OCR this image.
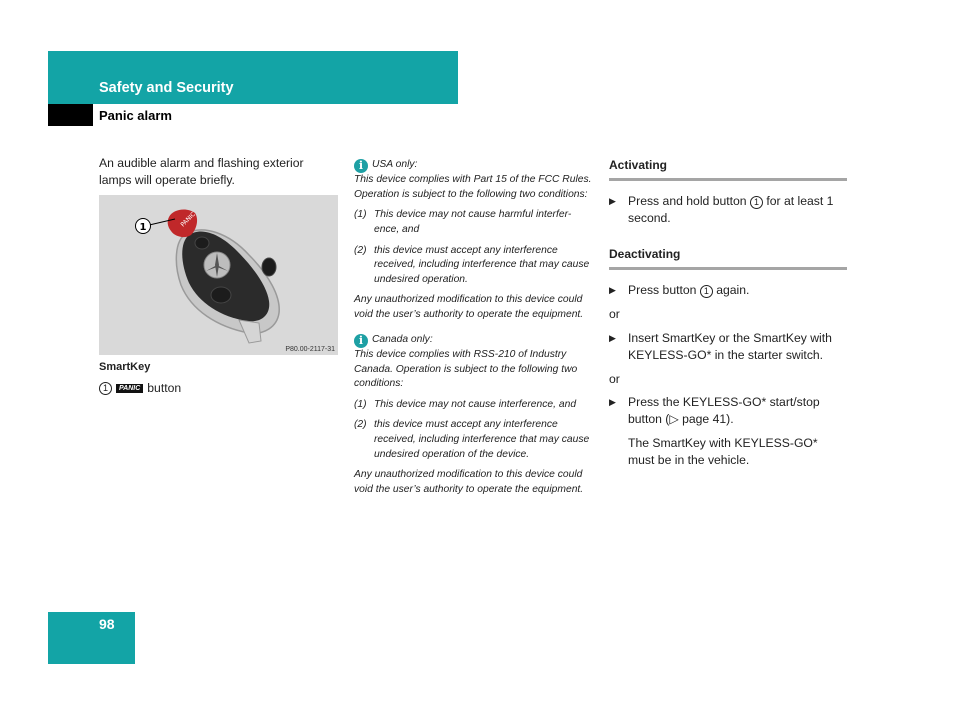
Safety and Security
Panic alarm
An audible alarm and flashing exterior lamps will operate briefly.
PANIC
1
P80.00-2117-31
SmartKey
1	PANIC button

i USA only:

This device complies with Part 15 of the FCC Rules. Operation is subject to the following two conditions:

(1) This device may not cause harmful interfer-ence, and
(2) this device must accept any interference received, including interference that may cause undesired operation.

Any unauthorized modification to this device could void the user’s authority to operate the equipment.

i Canada only:

This device complies with RSS-210 of Industry Canada. Operation is subject to the following two conditions:

(1) This device may not cause interference, and
(2) this device must accept any interference received, including interference that may cause undesired operation of the device.

Any unauthorized modification to this device could void the user’s authority to operate the equipment.

Activating
▶ Press and hold button 1 for at least 1 second.
Deactivating
▶ Press button 1 again.
or
▶ Insert SmartKey or the SmartKey with KEYLESS-GO* in the starter switch.
or
▶ Press the KEYLESS-GO* start/stop button (▷ page 41).
The SmartKey with KEYLESS-GO* must be in the vehicle.
98
